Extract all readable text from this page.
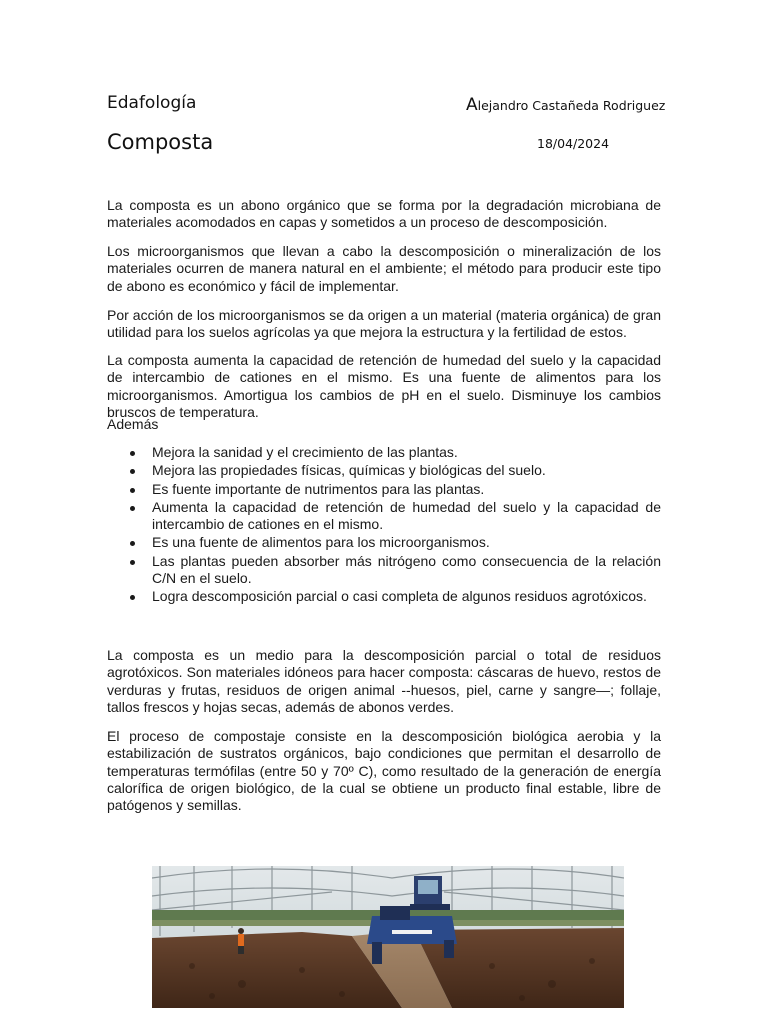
Edafología	Alejandro Castañeda Rodriguez
Composta	18/04/2024

La composta es un abono orgánico que se forma por la degradación microbiana de materiales acomodados en capas y sometidos a un proceso de descomposición.

Los microorganismos que llevan a cabo la descomposición o mineralización de los materiales ocurren de manera natural en el ambiente; el método para producir este tipo de abono es económico y fácil de implementar.

Por acción de los microorganismos se da origen a un material (materia orgánica) de gran utilidad para los suelos agrícolas ya que mejora la estructura y la fertilidad de estos.

La composta aumenta la capacidad de retención de humedad del suelo y la capacidad de intercambio de cationes en el mismo. Es una fuente de alimentos para los microorganismos. Amortigua los cambios de pH en el suelo. Disminuye los cambios bruscos de temperatura.

Además

Mejora la sanidad y el crecimiento de las plantas.
Mejora las propiedades físicas, químicas y biológicas del suelo.
Es fuente importante de nutrimentos para las plantas.
Aumenta la capacidad de retención de humedad del suelo y la capacidad de intercambio de cationes en el mismo.
Es una fuente de alimentos para los microorganismos.
Las plantas pueden absorber más nitrógeno como consecuencia de la relación C/N en el suelo.
Logra descomposición parcial o casi completa de algunos residuos agrotóxicos.

La composta es un medio para la descomposición parcial o total de residuos agrotóxicos. Son materiales idóneos para hacer composta: cáscaras de huevo, restos de verduras y frutas, residuos de origen animal --huesos, piel, carne y sangre—; follaje, tallos frescos y hojas secas, además de abonos verdes.

El proceso de compostaje consiste en la descomposición biológica aerobia y la estabilización de sustratos orgánicos, bajo condiciones que permitan el desarrollo de temperaturas termófilas (entre 50 y 70º C), como resultado de la generación de energía calorífica de origen biológico, de la cual se obtiene un producto final estable, libre de patógenos y semillas.
